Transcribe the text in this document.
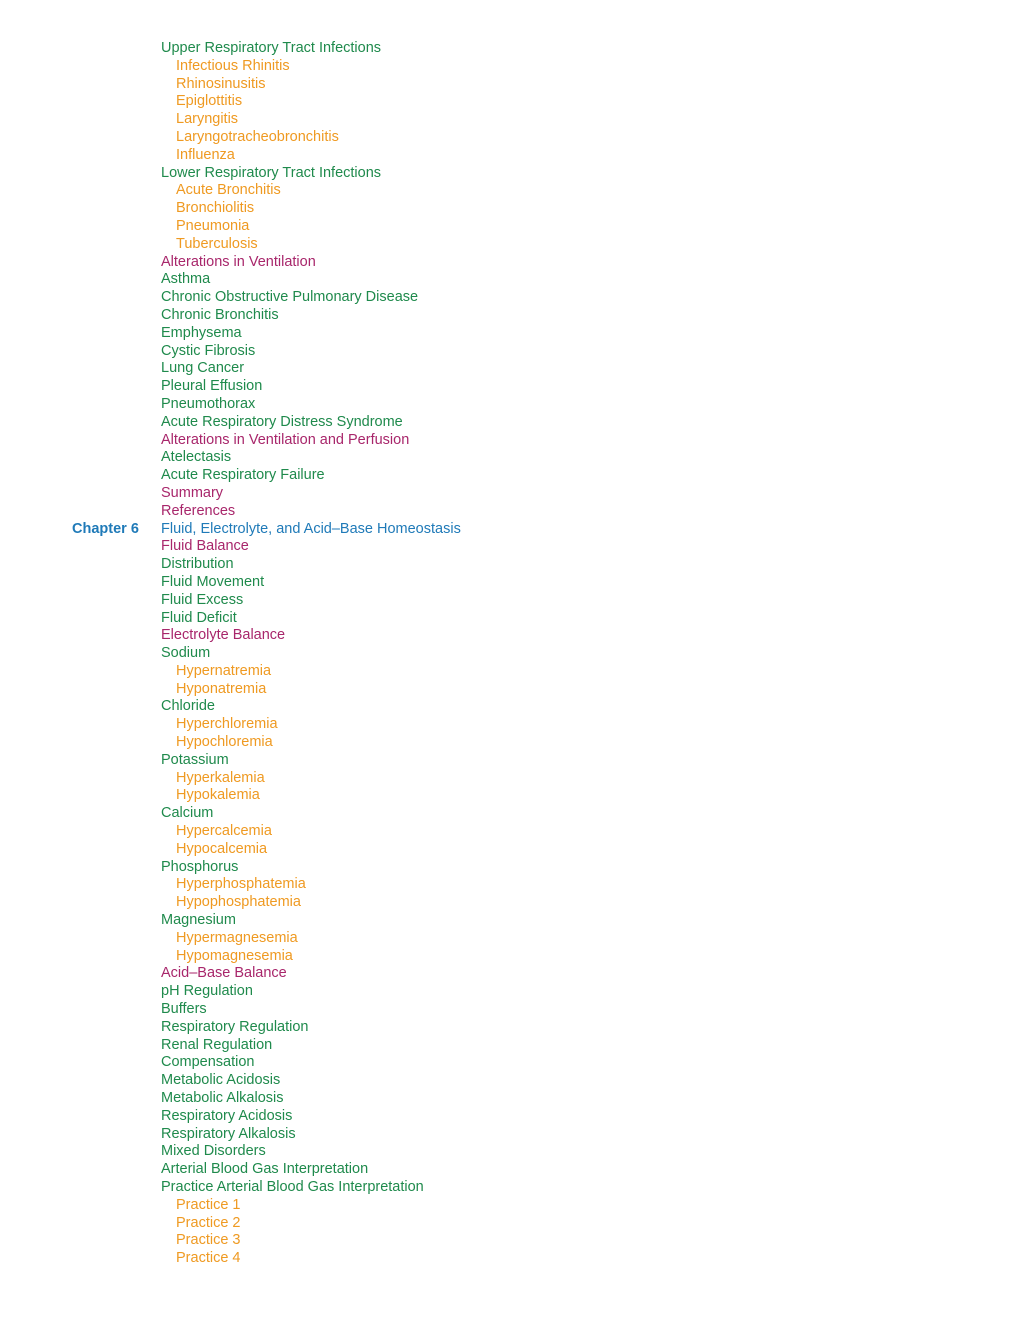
Upper Respiratory Tract Infections
Infectious Rhinitis
Rhinosinusitis
Epiglottitis
Laryngitis
Laryngotracheobronchitis
Influenza
Lower Respiratory Tract Infections
Acute Bronchitis
Bronchiolitis
Pneumonia
Tuberculosis
Alterations in Ventilation
Asthma
Chronic Obstructive Pulmonary Disease
Chronic Bronchitis
Emphysema
Cystic Fibrosis
Lung Cancer
Pleural Effusion
Pneumothorax
Acute Respiratory Distress Syndrome
Alterations in Ventilation and Perfusion
Atelectasis
Acute Respiratory Failure
Summary
References
Chapter 6 Fluid, Electrolyte, and Acid–Base Homeostasis
Fluid Balance
Distribution
Fluid Movement
Fluid Excess
Fluid Deficit
Electrolyte Balance
Sodium
Hypernatremia
Hyponatremia
Chloride
Hyperchloremia
Hypochloremia
Potassium
Hyperkalemia
Hypokalemia
Calcium
Hypercalcemia
Hypocalcemia
Phosphorus
Hyperphosphatemia
Hypophosphatemia
Magnesium
Hypermagnesemia
Hypomagnesemia
Acid–Base Balance
pH Regulation
Buffers
Respiratory Regulation
Renal Regulation
Compensation
Metabolic Acidosis
Metabolic Alkalosis
Respiratory Acidosis
Respiratory Alkalosis
Mixed Disorders
Arterial Blood Gas Interpretation
Practice Arterial Blood Gas Interpretation
Practice 1
Practice 2
Practice 3
Practice 4
